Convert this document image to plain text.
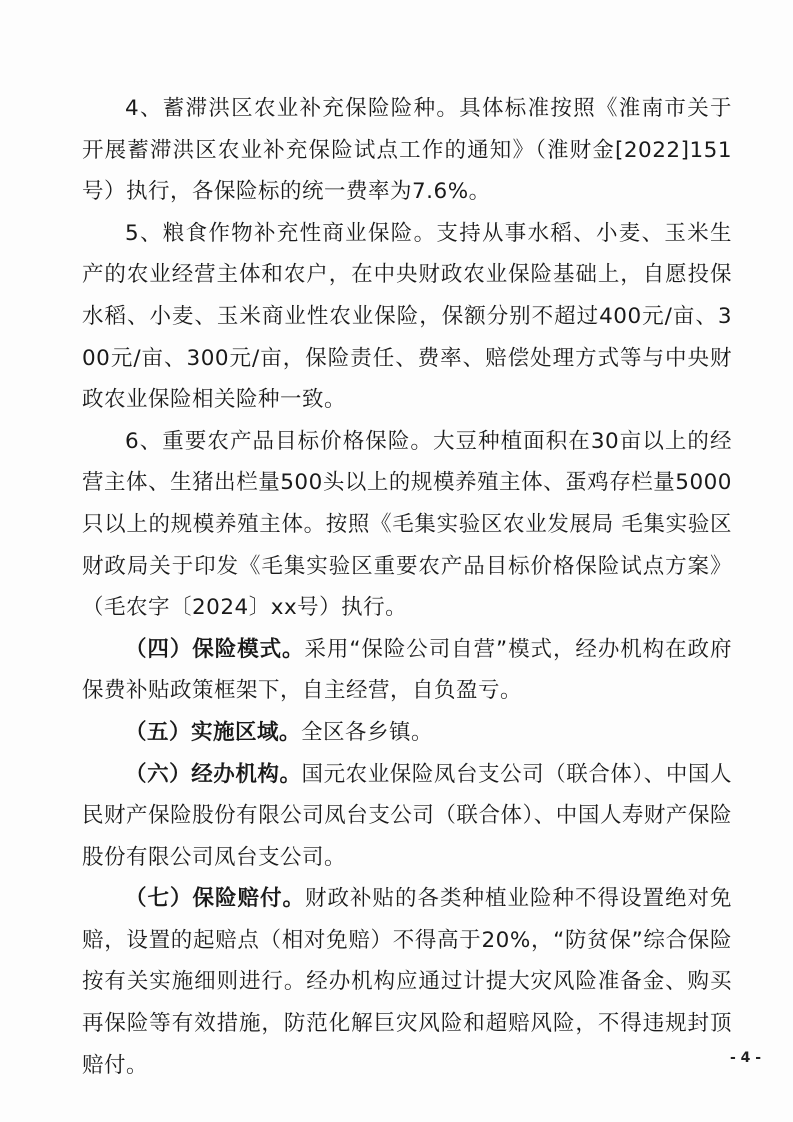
4、蓄滞洪区农业补充保险险种。具体标准按照《淮南市关于开展蓄滞洪区农业补充保险试点工作的通知》（淮财金[2022]151号）执行，各保险标的统一费率为7.6%。

5、粮食作物补充性商业保险。支持从事水稻、小麦、玉米生产的农业经营主体和农户，在中央财政农业保险基础上，自愿投保水稻、小麦、玉米商业性农业保险，保额分别不超过400元/亩、300元/亩、300元/亩，保险责任、费率、赔偿处理方式等与中央财政农业保险相关险种一致。

6、重要农产品目标价格保险。大豆种植面积在30亩以上的经营主体、生猪出栏量500头以上的规模养殖主体、蛋鸡存栏量5000只以上的规模养殖主体。按照《毛集实验区农业发展局 毛集实验区财政局关于印发《毛集实验区重要农产品目标价格保险试点方案》（毛农字〔2024〕xx号）执行。

（四）保险模式。采用“保险公司自营”模式，经办机构在政府保费补贴政策框架下，自主经营，自负盈亏。

（五）实施区域。全区各乡镇。

（六）经办机构。国元农业保险凤台支公司（联合体）、中国人民财产保险股份有限公司凤台支公司（联合体）、中国人寿财产保险股份有限公司凤台支公司。

（七）保险赔付。财政补贴的各类种植业险种不得设置绝对免赔，设置的起赔点（相对免赔）不得高于20%，“防贫保”综合保险按有关实施细则进行。经办机构应通过计提大灾风险准备金、购买再保险等有效措施，防范化解巨灾风险和超赔风险，不得违规封顶赔付。	- 4 -
